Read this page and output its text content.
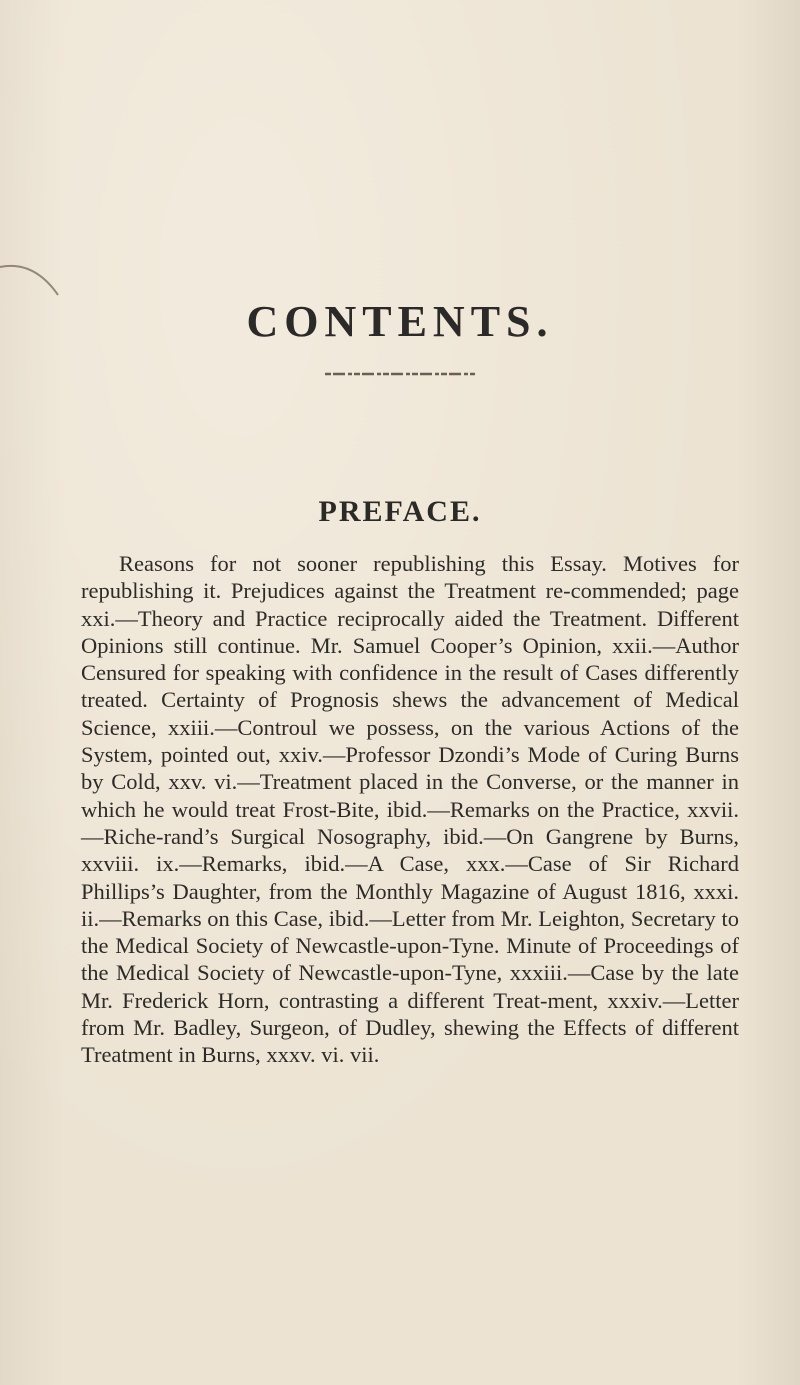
CONTENTS.
PREFACE.

Reasons for not sooner republishing this Essay. Motives for republishing it. Prejudices against the Treatment re-commended; page xxi.—Theory and Practice reciprocally aided the Treatment. Different Opinions still continue. Mr. Samuel Cooper’s Opinion, xxii.—Author Censured for speaking with confidence in the result of Cases differently treated. Certainty of Prognosis shews the advancement of Medical Science, xxiii.—Controul we possess, on the various Actions of the System, pointed out, xxiv.—Professor Dzondi’s Mode of Curing Burns by Cold, xxv. vi.—Treatment placed in the Converse, or the manner in which he would treat Frost-Bite, ibid.—Remarks on the Practice, xxvii.—Riche-rand’s Surgical Nosography, ibid.—On Gangrene by Burns, xxviii. ix.—Remarks, ibid.—A Case, xxx.—Case of Sir Richard Phillips’s Daughter, from the Monthly Magazine of August 1816, xxxi. ii.—Remarks on this Case, ibid.—Letter from Mr. Leighton, Secretary to the Medical Society of Newcastle-upon-Tyne. Minute of Proceedings of the Medical Society of Newcastle-upon-Tyne, xxxiii.—Case by the late Mr. Frederick Horn, contrasting a different Treat-ment, xxxiv.—Letter from Mr. Badley, Surgeon, of Dudley, shewing the Effects of different Treatment in Burns, xxxv. vi. vii.
